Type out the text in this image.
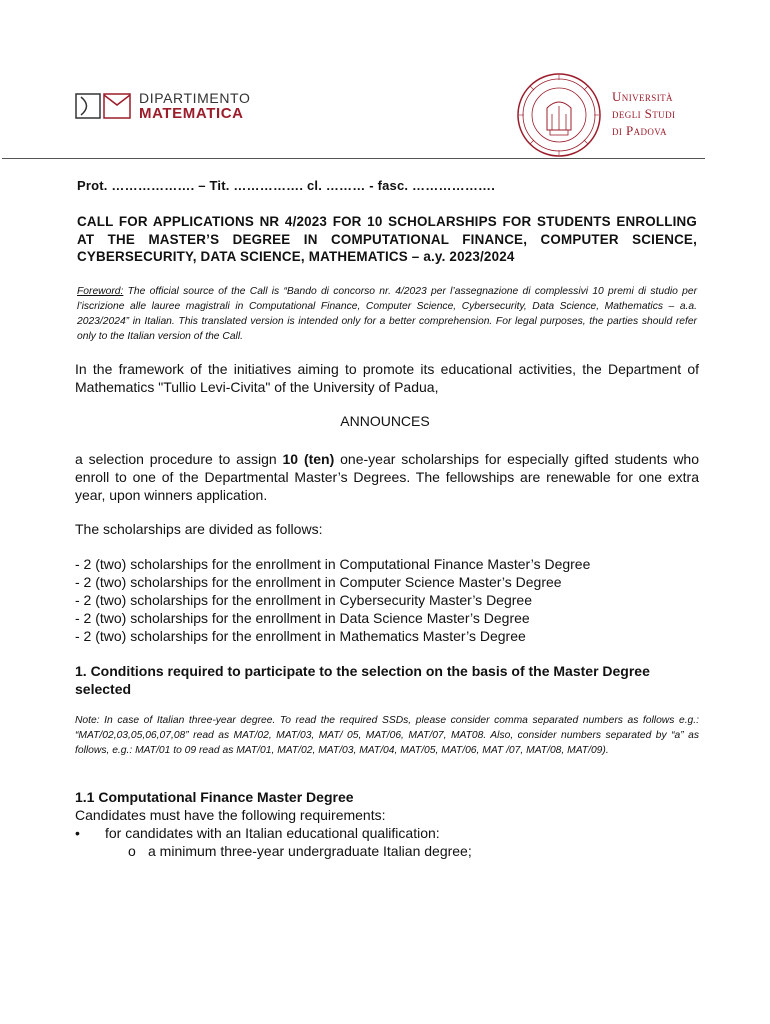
DIPARTIMENTO
MATEMATICA
Università
degli Studi
di Padova
Prot. ………………. – Tit. ……………. cl. ……… - fasc. ……………….
CALL FOR APPLICATIONS NR 4/2023 FOR 10 SCHOLARSHIPS FOR STUDENTS ENROLLING AT THE MASTER’S DEGREE IN COMPUTATIONAL FINANCE, COMPUTER SCIENCE, CYBERSECURITY, DATA SCIENCE, MATHEMATICS – a.y. 2023/2024
Foreword: The official source of the Call is “Bando di concorso nr. 4/2023 per l’assegnazione di complessivi 10 premi di studio per l’iscrizione alle lauree magistrali in Computational Finance, Computer Science, Cybersecurity, Data Science, Mathematics – a.a. 2023/2024” in Italian. This translated version is intended only for a better comprehension. For legal purposes, the parties should refer only to the Italian version of the Call.
In the framework of the initiatives aiming to promote its educational activities, the Department of Mathematics "Tullio Levi-Civita" of the University of Padua,
ANNOUNCES
a selection procedure to assign 10 (ten) one-year scholarships for especially gifted students who enroll to one of the Departmental Master’s Degrees. The fellowships are renewable for one extra year, upon winners application.
The scholarships are divided as follows:
- 2 (two) scholarships for the enrollment in Computational Finance Master’s Degree
- 2 (two) scholarships for the enrollment in Computer Science Master’s Degree
- 2 (two) scholarships for the enrollment in Cybersecurity Master’s Degree
- 2 (two) scholarships for the enrollment in Data Science Master’s Degree
- 2 (two) scholarships for the enrollment in Mathematics Master’s Degree
1. Conditions required to participate to the selection on the basis of the Master Degree selected
Note: In case of Italian three-year degree. To read the required SSDs, please consider comma separated numbers as follows e.g.: “MAT/02,03,05,06,07,08” read as MAT/02, MAT/03, MAT/ 05, MAT/06, MAT/07, MAT08. Also, consider numbers separated by “a” as follows, e.g.: MAT/01 to 09 read as MAT/01, MAT/02, MAT/03, MAT/04, MAT/05, MAT/06, MAT /07, MAT/08, MAT/09).
1.1 Computational Finance Master Degree
Candidates must have the following requirements:
• for candidates with an Italian educational qualification:
o a minimum three-year undergraduate Italian degree;
